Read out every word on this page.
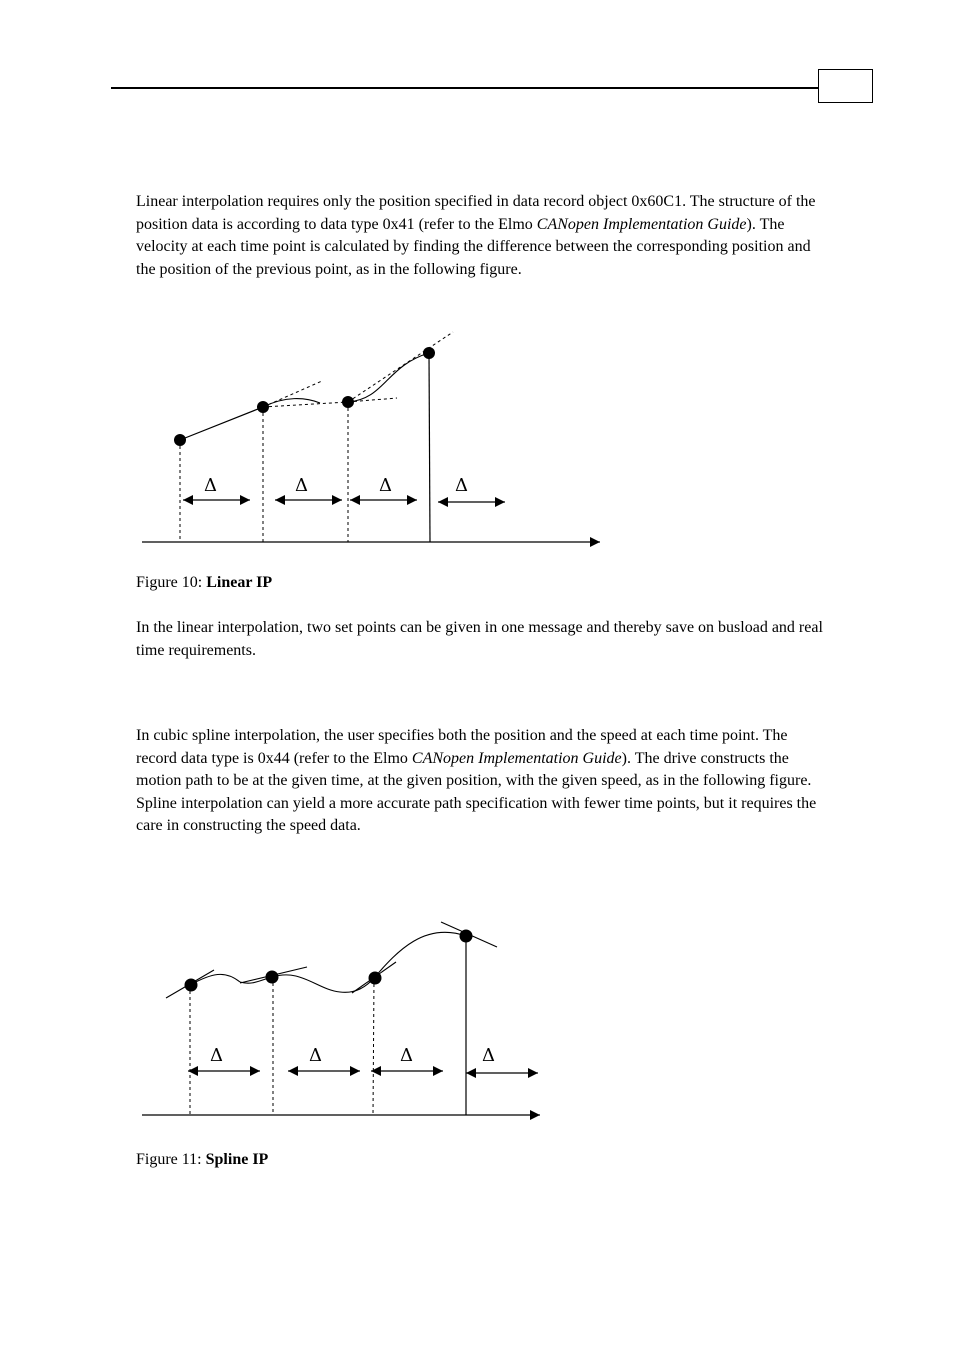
Linear interpolation requires only the position specified in data record object 0x60C1. The structure of the position data is according to data type 0x41 (refer to the Elmo CANopen Implementation Guide). The velocity at each time point is calculated by finding the difference between the corresponding position and the position of the previous point, as in the following figure.

Δ	Δ	Δ	Δ

Figure 10: Linear IP

In the linear interpolation, two set points can be given in one message and thereby save on busload and real time requirements.

In cubic spline interpolation, the user specifies both the position and the speed at each time point. The record data type is 0x44 (refer to the Elmo CANopen Implementation Guide). The drive constructs the motion path to be at the given time, at the given position, with the given speed, as in the following figure. Spline interpolation can yield a more accurate path specification with fewer time points, but it requires the care in constructing the speed data.

Δ	Δ	Δ	Δ

Figure 11: Spline IP
